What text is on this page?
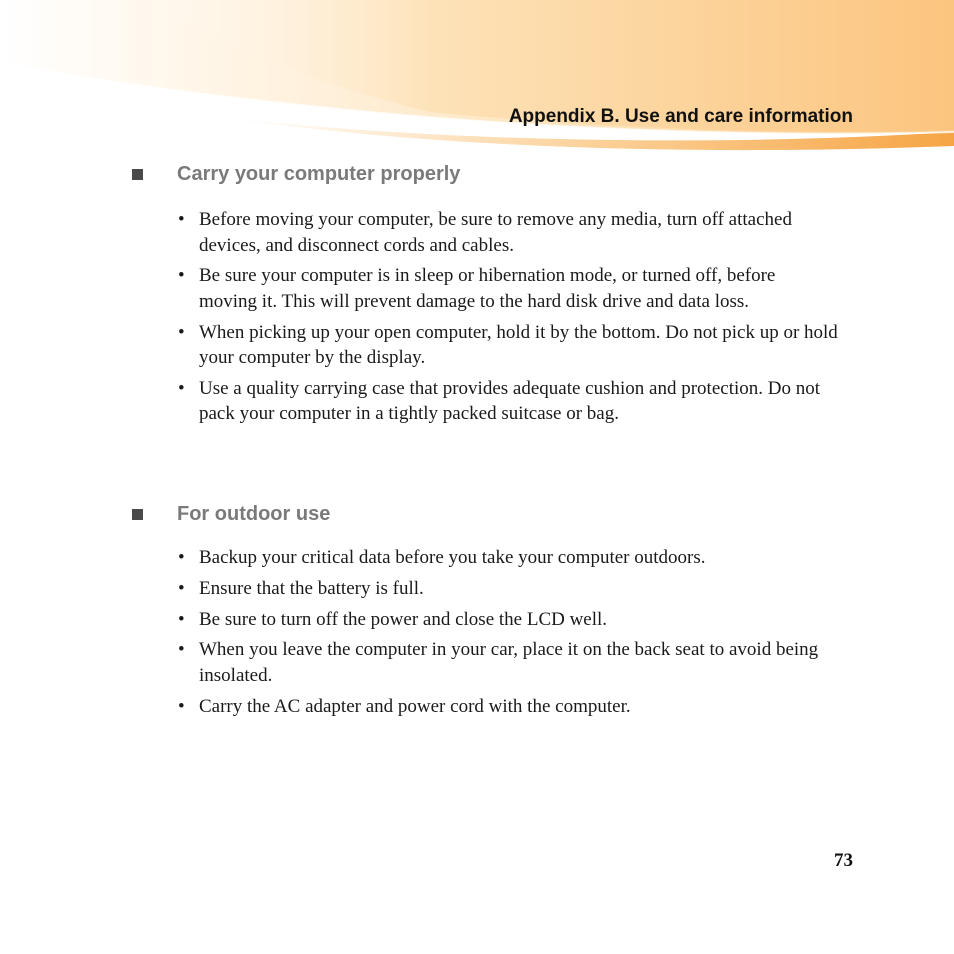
Appendix B. Use and care information
Carry your computer properly
• Before moving your computer, be sure to remove any media, turn off attached devices, and disconnect cords and cables.
• Be sure your computer is in sleep or hibernation mode, or turned off, before moving it. This will prevent damage to the hard disk drive and data loss.
• When picking up your open computer, hold it by the bottom. Do not pick up or hold your computer by the display.
• Use a quality carrying case that provides adequate cushion and protection. Do not pack your computer in a tightly packed suitcase or bag.
For outdoor use
• Backup your critical data before you take your computer outdoors.
• Ensure that the battery is full.
• Be sure to turn off the power and close the LCD well.
• When you leave the computer in your car, place it on the back seat to avoid being insolated.
• Carry the AC adapter and power cord with the computer.
73
